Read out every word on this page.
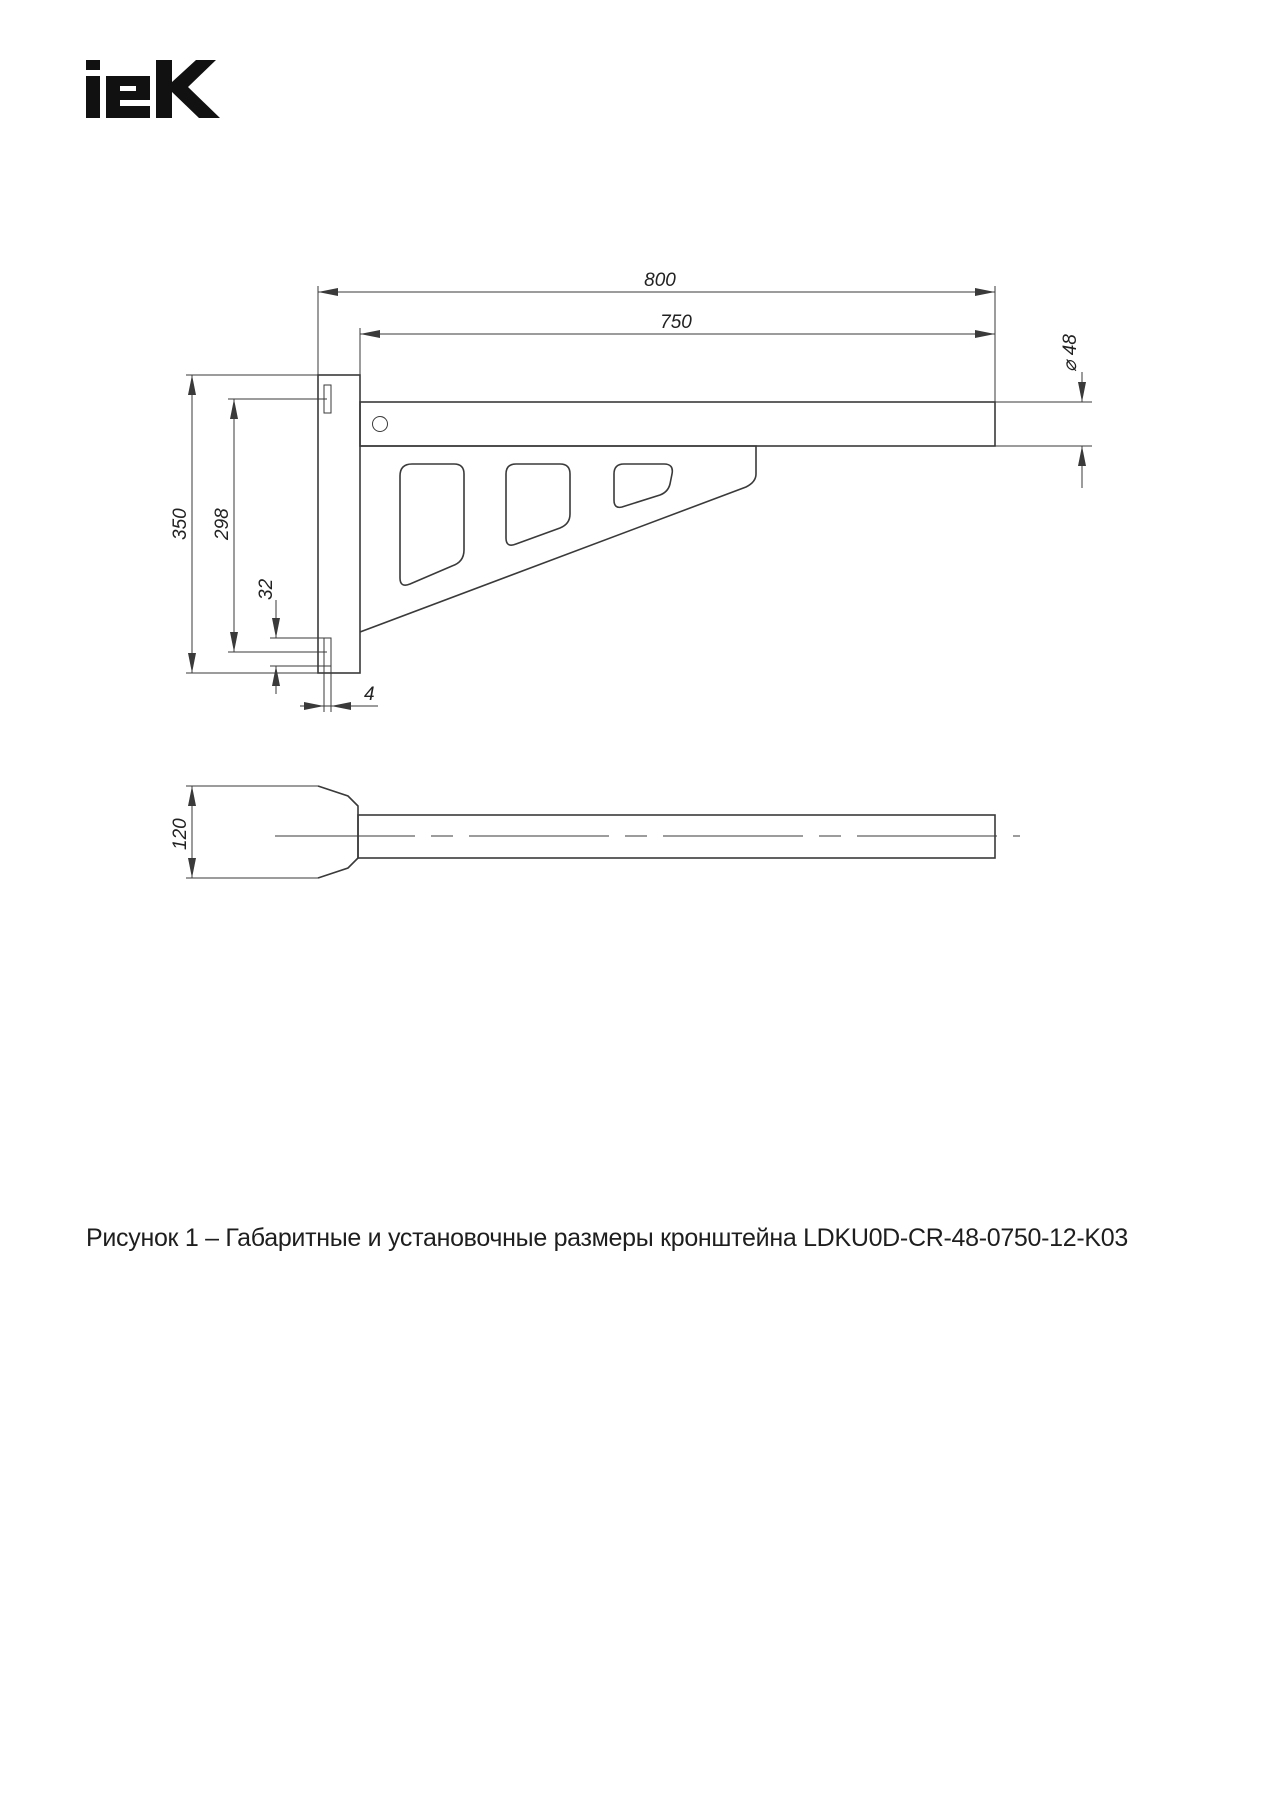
800
750
⌀ 48
350 298
32
4
120
Рисунок 1 – Габаритные и установочные размеры кронштейна LDKU0D-CR-48-0750-12-K03
